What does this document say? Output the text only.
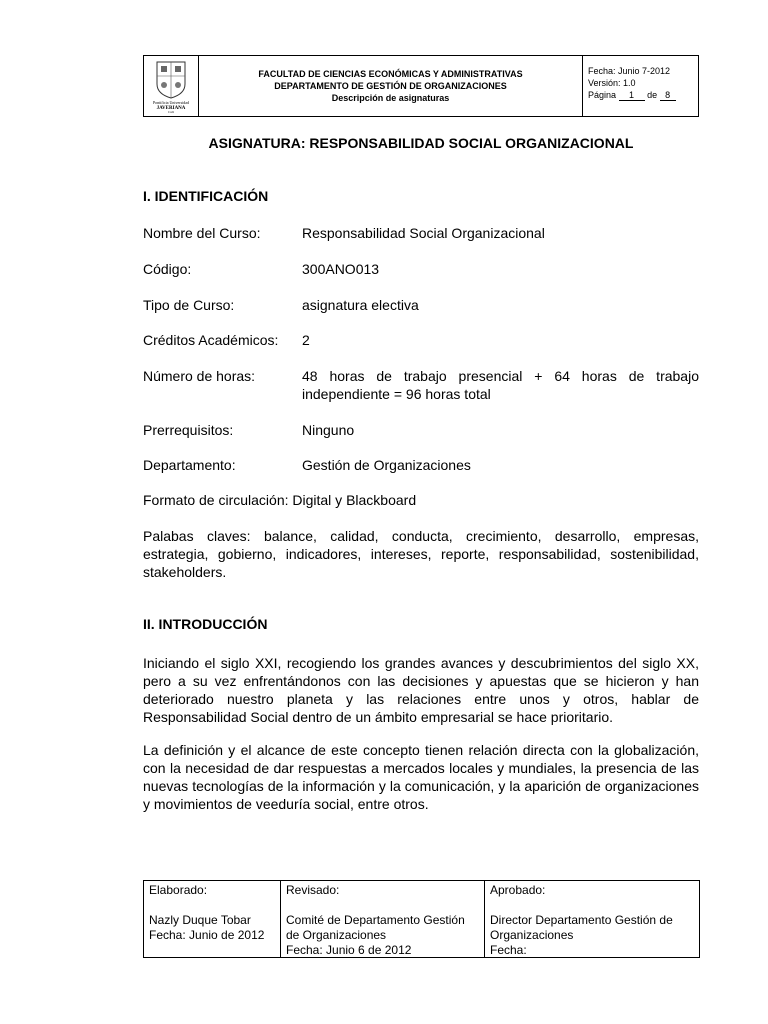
Pontificia Universidad
JAVERIANA
Cali
FACULTAD DE CIENCIAS ECONÓMICAS Y ADMINISTRATIVAS
DEPARTAMENTO DE GESTIÓN DE ORGANIZACIONES
Descripción de asignaturas
Fecha: Junio 7-2012
Versión: 1.0
Página 1 de 8
ASIGNATURA: RESPONSABILIDAD SOCIAL ORGANIZACIONAL
I. IDENTIFICACIÓN
Nombre del Curso:	Responsabilidad Social Organizacional
Código:	300ANO013
Tipo de Curso:	asignatura electiva
Créditos Académicos:	2
Número de horas:	48 horas de trabajo presencial + 64 horas de trabajo independiente = 96 horas total
Prerrequisitos:	Ninguno
Departamento:	Gestión de Organizaciones
Formato de circulación: Digital y Blackboard
Palabas claves: balance, calidad, conducta, crecimiento, desarrollo, empresas, estrategia, gobierno, indicadores, intereses, reporte, responsabilidad, sostenibilidad, stakeholders.
II. INTRODUCCIÓN
Iniciando el siglo XXI, recogiendo los grandes avances y descubrimientos del siglo XX, pero a su vez enfrentándonos con las decisiones y apuestas que se hicieron y han deteriorado nuestro planeta y las relaciones entre unos y otros, hablar de Responsabilidad Social dentro de un ámbito empresarial se hace prioritario.
La definición y el alcance de este concepto tienen relación directa con la globalización, con la necesidad de dar respuestas a mercados locales y mundiales, la presencia de las nuevas tecnologías de la información y la comunicación, y la aparición de organizaciones y movimientos de veeduría social, entre otros.
Elaborado:
Nazly Duque Tobar
Fecha: Junio de 2012
Revisado:
Comité de Departamento Gestión
de Organizaciones
Fecha: Junio 6 de 2012
Aprobado:
Director Departamento Gestión de
Organizaciones
Fecha:
